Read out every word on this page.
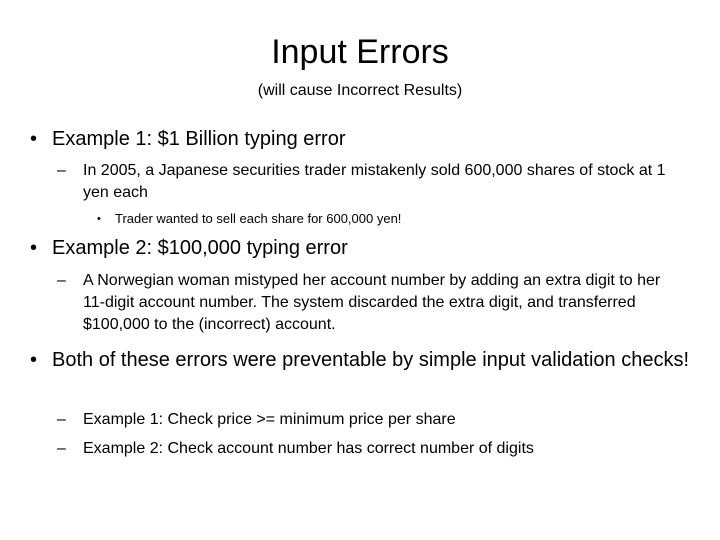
Input Errors
(will cause Incorrect Results)
• Example 1: $1 Billion typing error
– In 2005, a Japanese securities trader mistakenly sold 600,000 shares of stock at 1 yen each
• Trader wanted to sell each share for 600,000 yen!
• Example 2: $100,000 typing error
– A Norwegian woman mistyped her account number by adding an extra digit to her 11-digit account number. The system discarded the extra digit, and transferred $100,000 to the (incorrect) account.
• Both of these errors were preventable by simple input validation checks!
– Example 1: Check price >= minimum price per share
– Example 2: Check account number has correct number of digits
